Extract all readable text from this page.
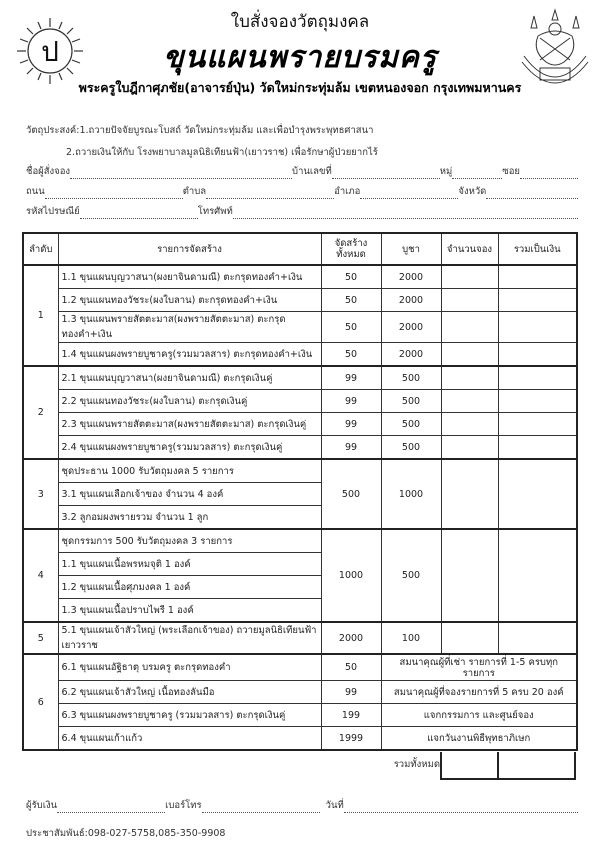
ป
ใบสั่งจองวัตถุมงคล
ขุนแผนพรายบรมครู
พระครูใบฎีกาศุภชัย(อาจารย์ปุ่น) วัดใหม่กระทุ่มล้ม เขตหนองจอก กรุงเทพมหานคร
วัตถุประสงค์:1.ถวายปัจจัยบูรณะโบสถ์ วัดใหม่กระทุ่มล้ม และเพื่อบำรุงพระพุทธศาสนา
2.ถวายเงินให้กับ โรงพยาบาลมูลนิธิเทียนฟ้า(เยาวราช) เพื่อรักษาผู้ป่วยยากไร้
ชื่อผู้สั่งจอง	บ้านเลขที่	หมู่	ซอย
ถนน	ตำบล	อำเภอ	จังหวัด
รหัสไปรษณีย์	โทรศัพท์
ลำดับ	รายการจัดสร้าง	จัดสร้างทั้งหมด	บูชา	จำนวนจอง	รวมเป็นเงิน
1	1.1 ขุนแผนบุญวาสนา(ผงยาจินดามณี) ตะกรุดทองคำ+เงิน	50	2000		
	1.2 ขุนแผนทองวัชระ(ผงใบลาน) ตะกรุดทองคำ+เงิน	50	2000		
	1.3 ขุนแผนพรายสัตตะมาส(ผงพรายสัตตะมาส) ตะกรุดทองคำ+เงิน	50	2000		
	1.4 ขุนแผนผงพรายบูชาครู(รวมมวลสาร) ตะกรุดทองคำ+เงิน	50	2000		
2	2.1 ขุนแผนบุญวาสนา(ผงยาจินดามณี) ตะกรุดเงินคู่	99	500		
	2.2 ขุนแผนทองวัชระ(ผงใบลาน) ตะกรุดเงินคู่	99	500		
	2.3 ขุนแผนพรายสัตตะมาส(ผงพรายสัตตะมาส) ตะกรุดเงินคู่	99	500		
	2.4 ขุนแผนผงพรายบูชาครู(รวมมวลสาร) ตะกรุดเงินคู่	99	500		
3	ชุดประธาน 1000 รับวัตถุมงคล 5 รายการ	500	1000		
	3.1 ขุนแผนเลือกเจ้าของ จำนวน 4 องค์				
	3.2 ลูกอมผงพรายรวม จำนวน 1 ลูก				
4	ชุดกรรมการ 500 รับวัตถุมงคล 3 รายการ	1000	500		
	1.1 ขุนแผนเนื้อพรหมจุติ 1 องค์				
	1.2 ขุนแผนเนื้อศุภมงคล 1 องค์				
	1.3 ขุนแผนเนื้อปราบไพรี 1 องค์				
5	5.1 ขุนแผนเจ้าสัวใหญ่ (พระเลือกเจ้าของ) ถวายมูลนิธิเทียนฟ้า เยาวราช	2000	100		
6	6.1 ขุนแผนอัฐิธาตุ บรมครู ตะกรุดทองคำ	50	สมนาคุณผู้ที่เช่า รายการที่ 1-5 ครบทุกรายการ		
	6.2 ขุนแผนเจ้าสัวใหญ่ เนื้อทองลันมือ	99	สมนาคุณผู้ที่จองรายการที่ 5 ครบ 20 องค์		
	6.3 ขุนแผนผงพรายบูชาครู (รวมมวลสาร) ตะกรุดเงินคู่	199	แจกกรรมการ และศูนย์จอง		
	6.4 ขุนแผนเก้าแก้ว	1999	แจกวันงานพิธีพุทธาภิเษก		
รวมทั้งหมด
ผู้รับเงิน	เบอร์โทร	วันที่
ประชาสัมพันธ์:098-027-5758,085-350-9908
